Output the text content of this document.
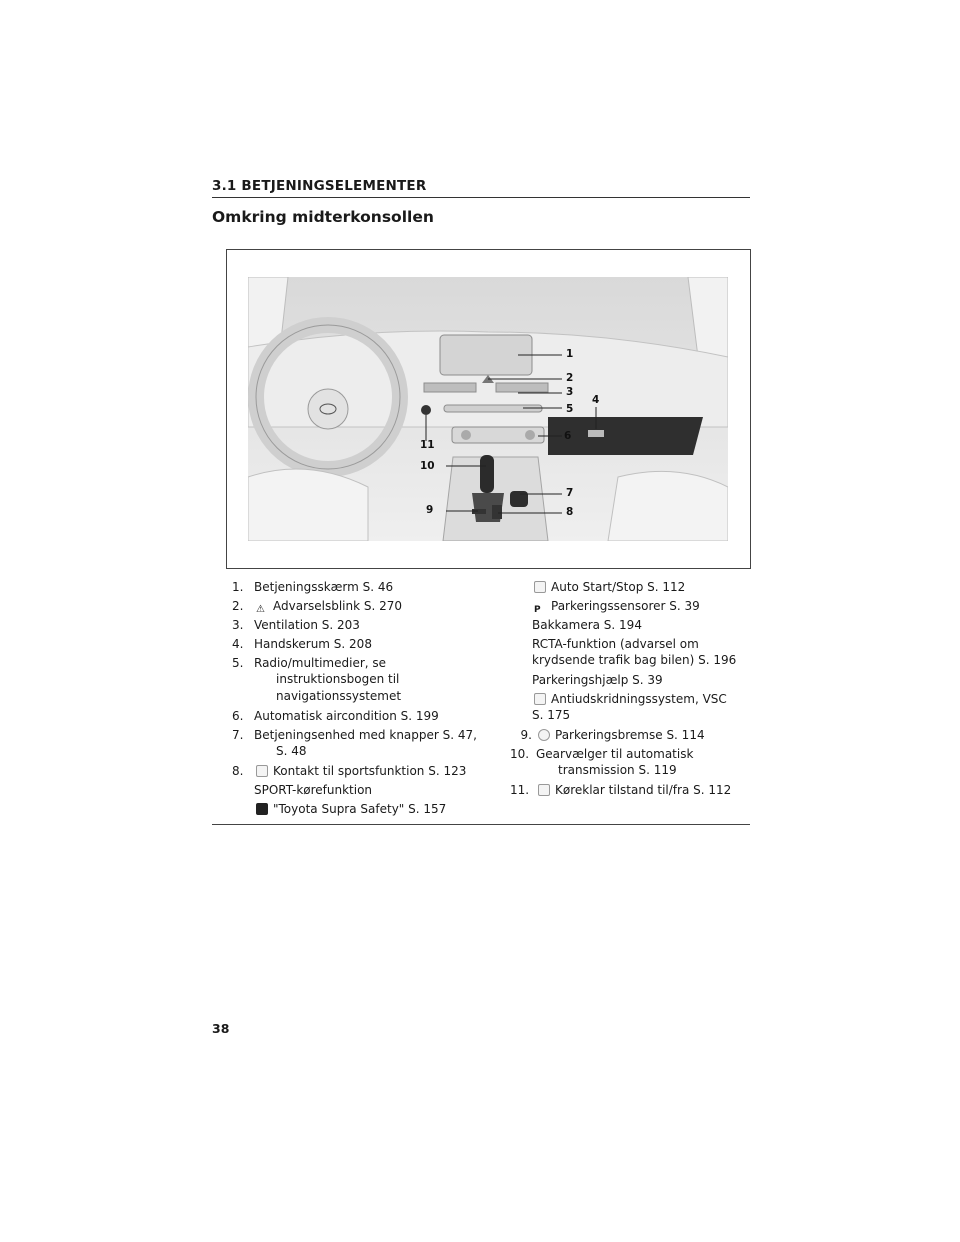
3.1 BETJENINGSELEMENTER
Omkring midterkonsollen
1
2
3
4
5
6
7
8
9
10
11
1. Betjeningsskærm S. 46
2.	⚠ Advarselsblink S. 270
3. Ventilation S. 203
4. Handskerum S. 208
5. Radio/multimedier, se
instruktionsbogen til
navigationssystemet
6. Automatisk aircondition S. 199
7. Betjeningsenhed med knapper S. 47,
S. 48
8.	Kontakt til sportsfunktion S. 123
SPORT-kørefunktion
"Toyota Supra Safety" S. 157
Auto Start/Stop S. 112
P Parkeringssensorer S. 39
Bakkamera S. 194
RCTA-funktion (advarsel om
krydsende trafik bag bilen) S. 196
Parkeringshjælp S. 39
Antiudskridningssystem, VSC
S. 175
9.	Parkeringsbremse S. 114
10. Gearvælger til automatisk
transmission S. 119
11.	Køreklar tilstand til/fra S. 112
38
